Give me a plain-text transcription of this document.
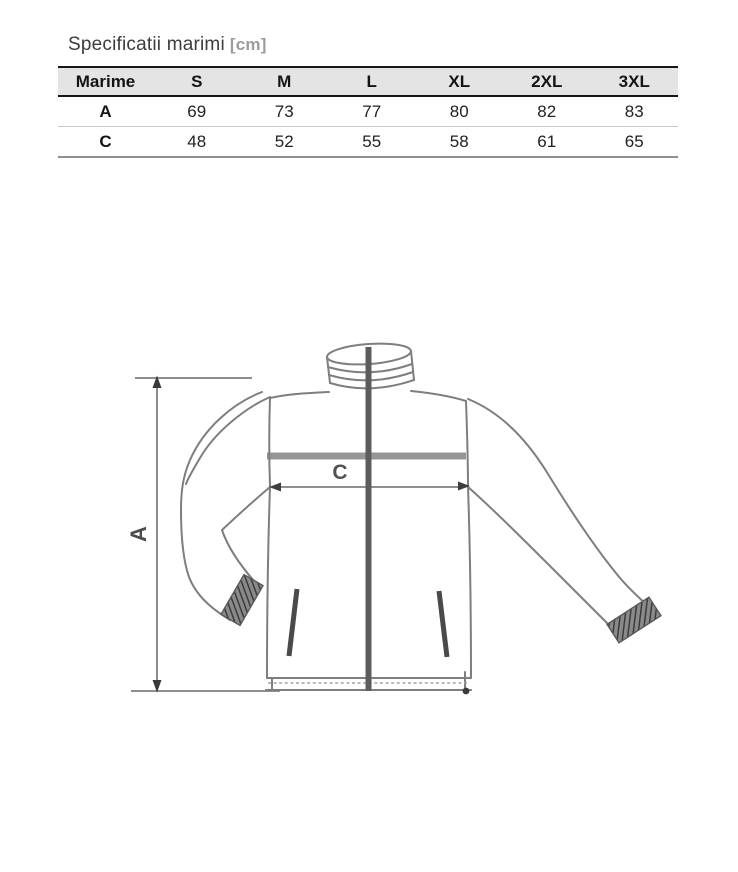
Specificatii marimi [cm]
Marime	S	M	L	XL	2XL	3XL
A	69	73	77	80	82	83
C	48	52	55	58	61	65
A
C
